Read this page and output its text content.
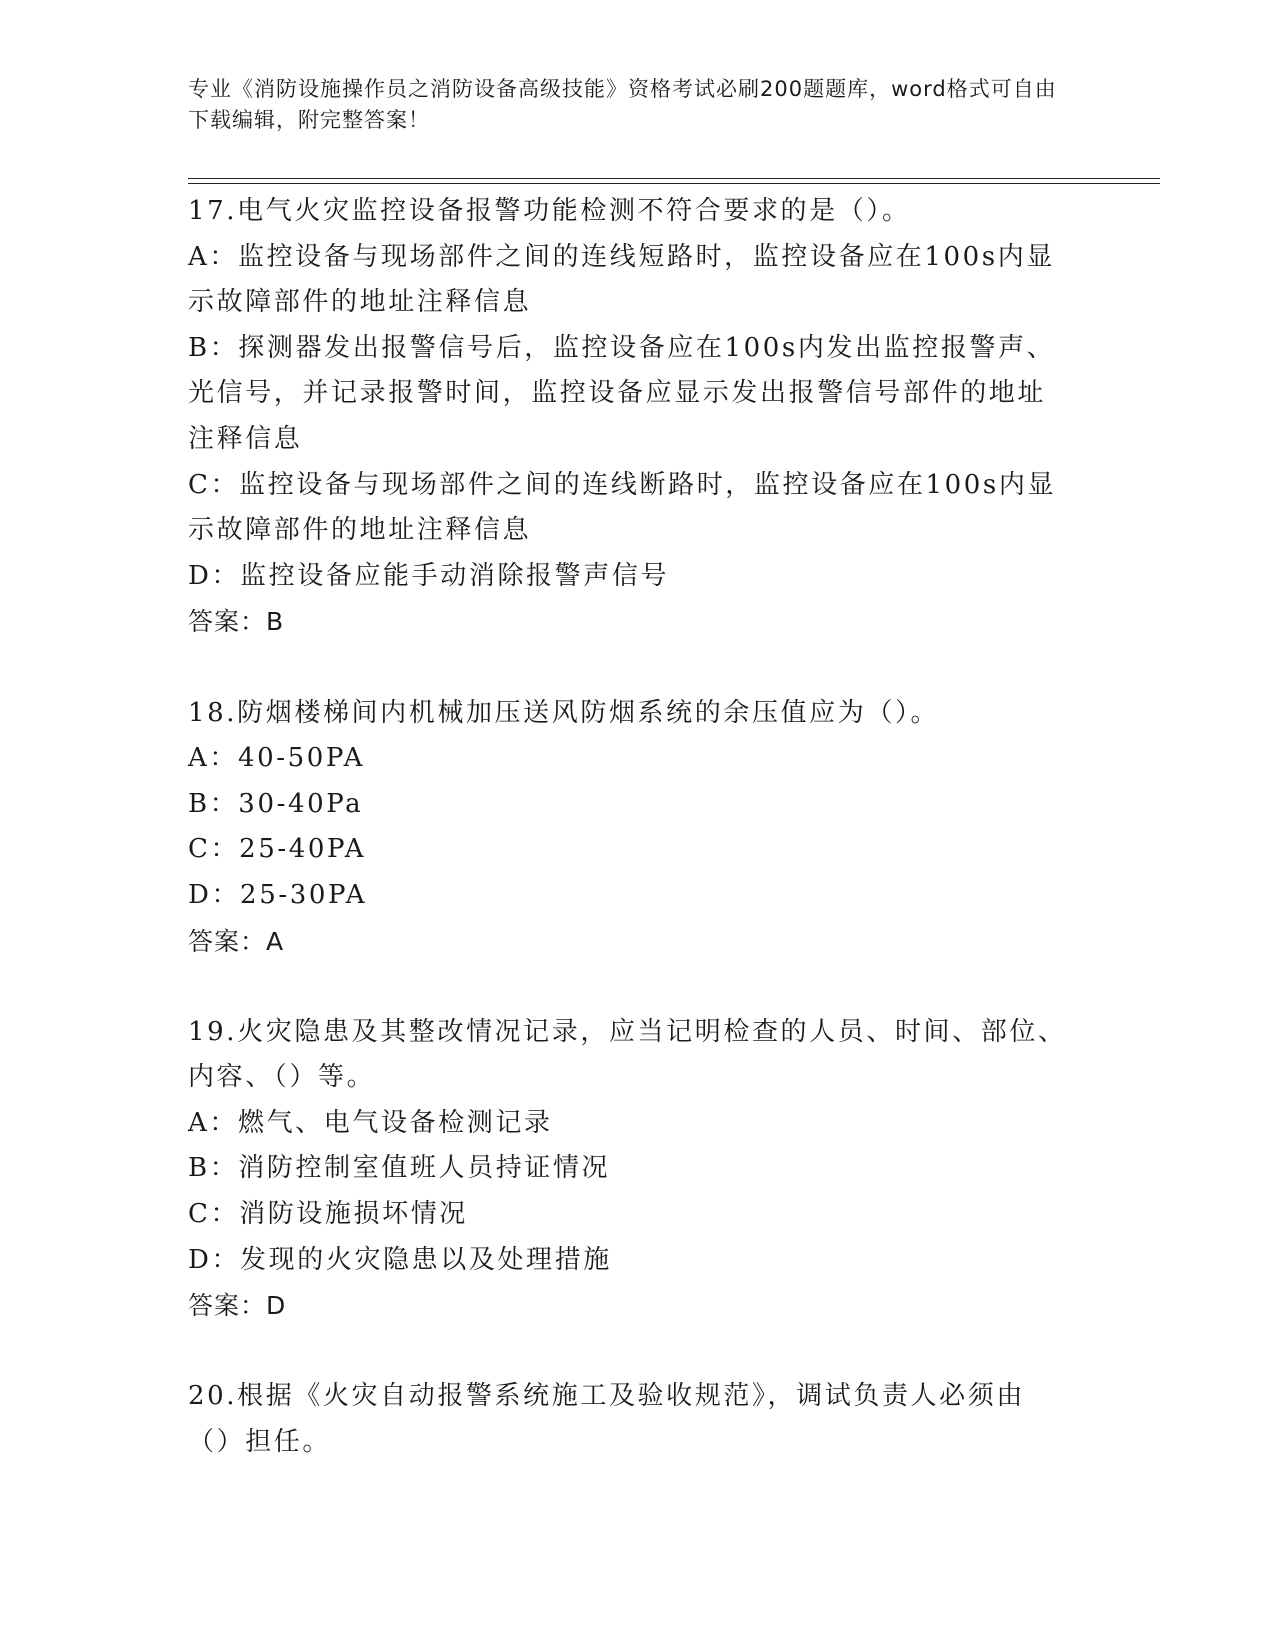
专业《消防设施操作员之消防设备高级技能》资格考试必刷200题题库，word格式可自由下载编辑，附完整答案！

17.电气火灾监控设备报警功能检测不符合要求的是（）。

A：监控设备与现场部件之间的连线短路时，监控设备应在100s内显示故障部件的地址注释信息

B：探测器发出报警信号后，监控设备应在100s内发出监控报警声、光信号，并记录报警时间，监控设备应显示发出报警信号部件的地址注释信息

C：监控设备与现场部件之间的连线断路时，监控设备应在100s内显示故障部件的地址注释信息

D：监控设备应能手动消除报警声信号

答案：B

18.防烟楼梯间内机械加压送风防烟系统的余压值应为（）。

A：40-50PA

B：30-40Pa

C：25-40PA

D：25-30PA

答案：A

19.火灾隐患及其整改情况记录，应当记明检查的人员、时间、部位、内容、（）等。

A：燃气、电气设备检测记录

B：消防控制室值班人员持证情况

C：消防设施损坏情况

D：发现的火灾隐患以及处理措施

答案：D

20.根据《火灾自动报警系统施工及验收规范》，调试负责人必须由（）担任。
